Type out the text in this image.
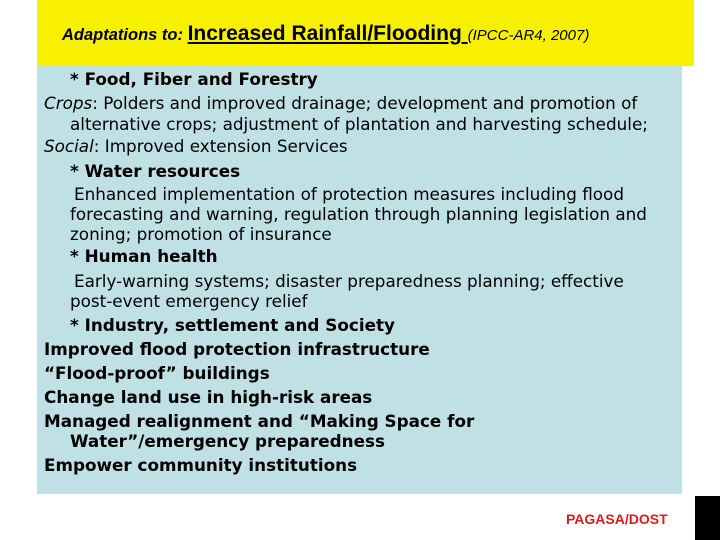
Adaptations to: Increased Rainfall/Flooding (IPCC-AR4, 2007)
* Food, Fiber and Forestry
Crops: Polders and improved drainage; development and promotion of
alternative crops; adjustment of plantation and harvesting schedule;
Social: Improved extension Services
* Water resources
Enhanced implementation of protection measures including flood
forecasting and warning, regulation through planning legislation and
zoning; promotion of insurance
* Human health
Early-warning systems; disaster preparedness planning; effective
post-event emergency relief
* Industry, settlement and Society
Improved flood protection infrastructure
“Flood-proof” buildings
Change land use in high-risk areas
Managed realignment and “Making Space for
Water”/emergency preparedness
Empower community institutions
PAGASA/DOST
